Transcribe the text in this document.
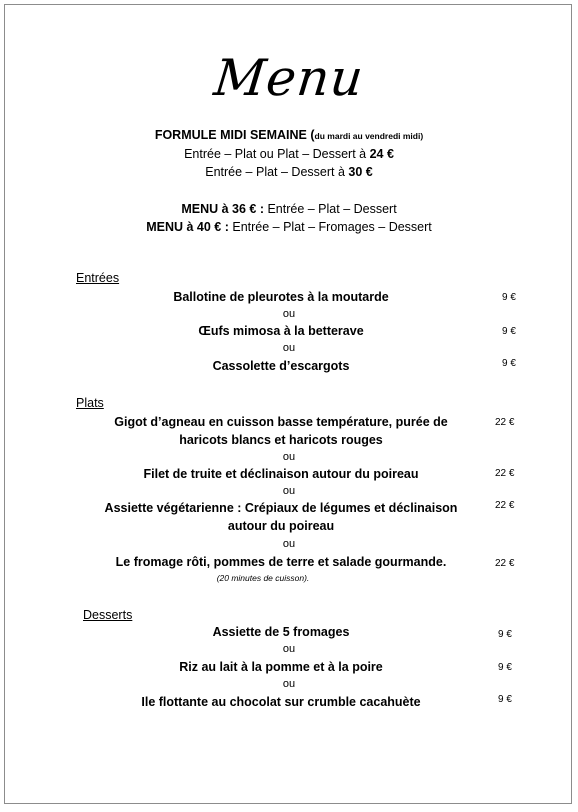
Menu
FORMULE MIDI SEMAINE (du mardi au vendredi midi)
Entrée – Plat ou Plat – Dessert à 24 €
Entrée – Plat – Dessert à 30 €
MENU à 36 € : Entrée – Plat – Dessert
MENU à 40 € : Entrée – Plat – Fromages – Dessert
Entrées
Ballotine de pleurotes à la moutarde	9 €
ou
Œufs mimosa à la betterave	9 €
ou
Cassolette d’escargots	9 €
Plats
Gigot d’agneau en cuisson basse température, purée de
haricots blancs et haricots rouges
22 €
ou
Filet de truite et déclinaison autour du poireau	22 €
ou
Assiette végétarienne : Crépiaux de légumes et déclinaison
autour du poireau
22 €
ou
Le fromage rôti, pommes de terre et salade gourmande.	22 €
(20 minutes de cuisson).
Desserts
Assiette de 5 fromages	9 €
ou
Riz au lait à la pomme et à la poire	9 €
ou
Ile flottante au chocolat sur crumble cacahuète	9 €
